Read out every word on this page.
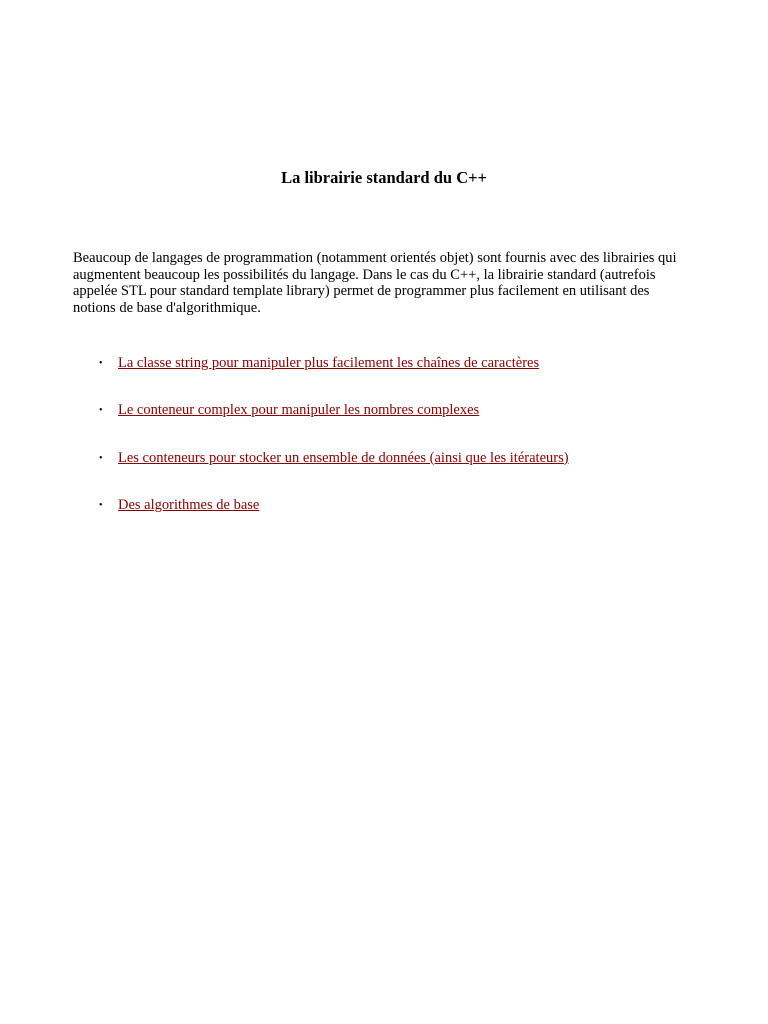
La librairie standard du C++

Beaucoup de langages de programmation (notamment orientés objet) sont fournis avec des librairies qui augmentent beaucoup les possibilités du langage. Dans le cas du C++, la librairie standard (autrefois appelée STL pour standard template library) permet de programmer plus facilement en utilisant des notions de base d'algorithmique.

• La classe string pour manipuler plus facilement les chaînes de caractères
• Le conteneur complex pour manipuler les nombres complexes
• Les conteneurs pour stocker un ensemble de données (ainsi que les itérateurs)
• Des algorithmes de base
